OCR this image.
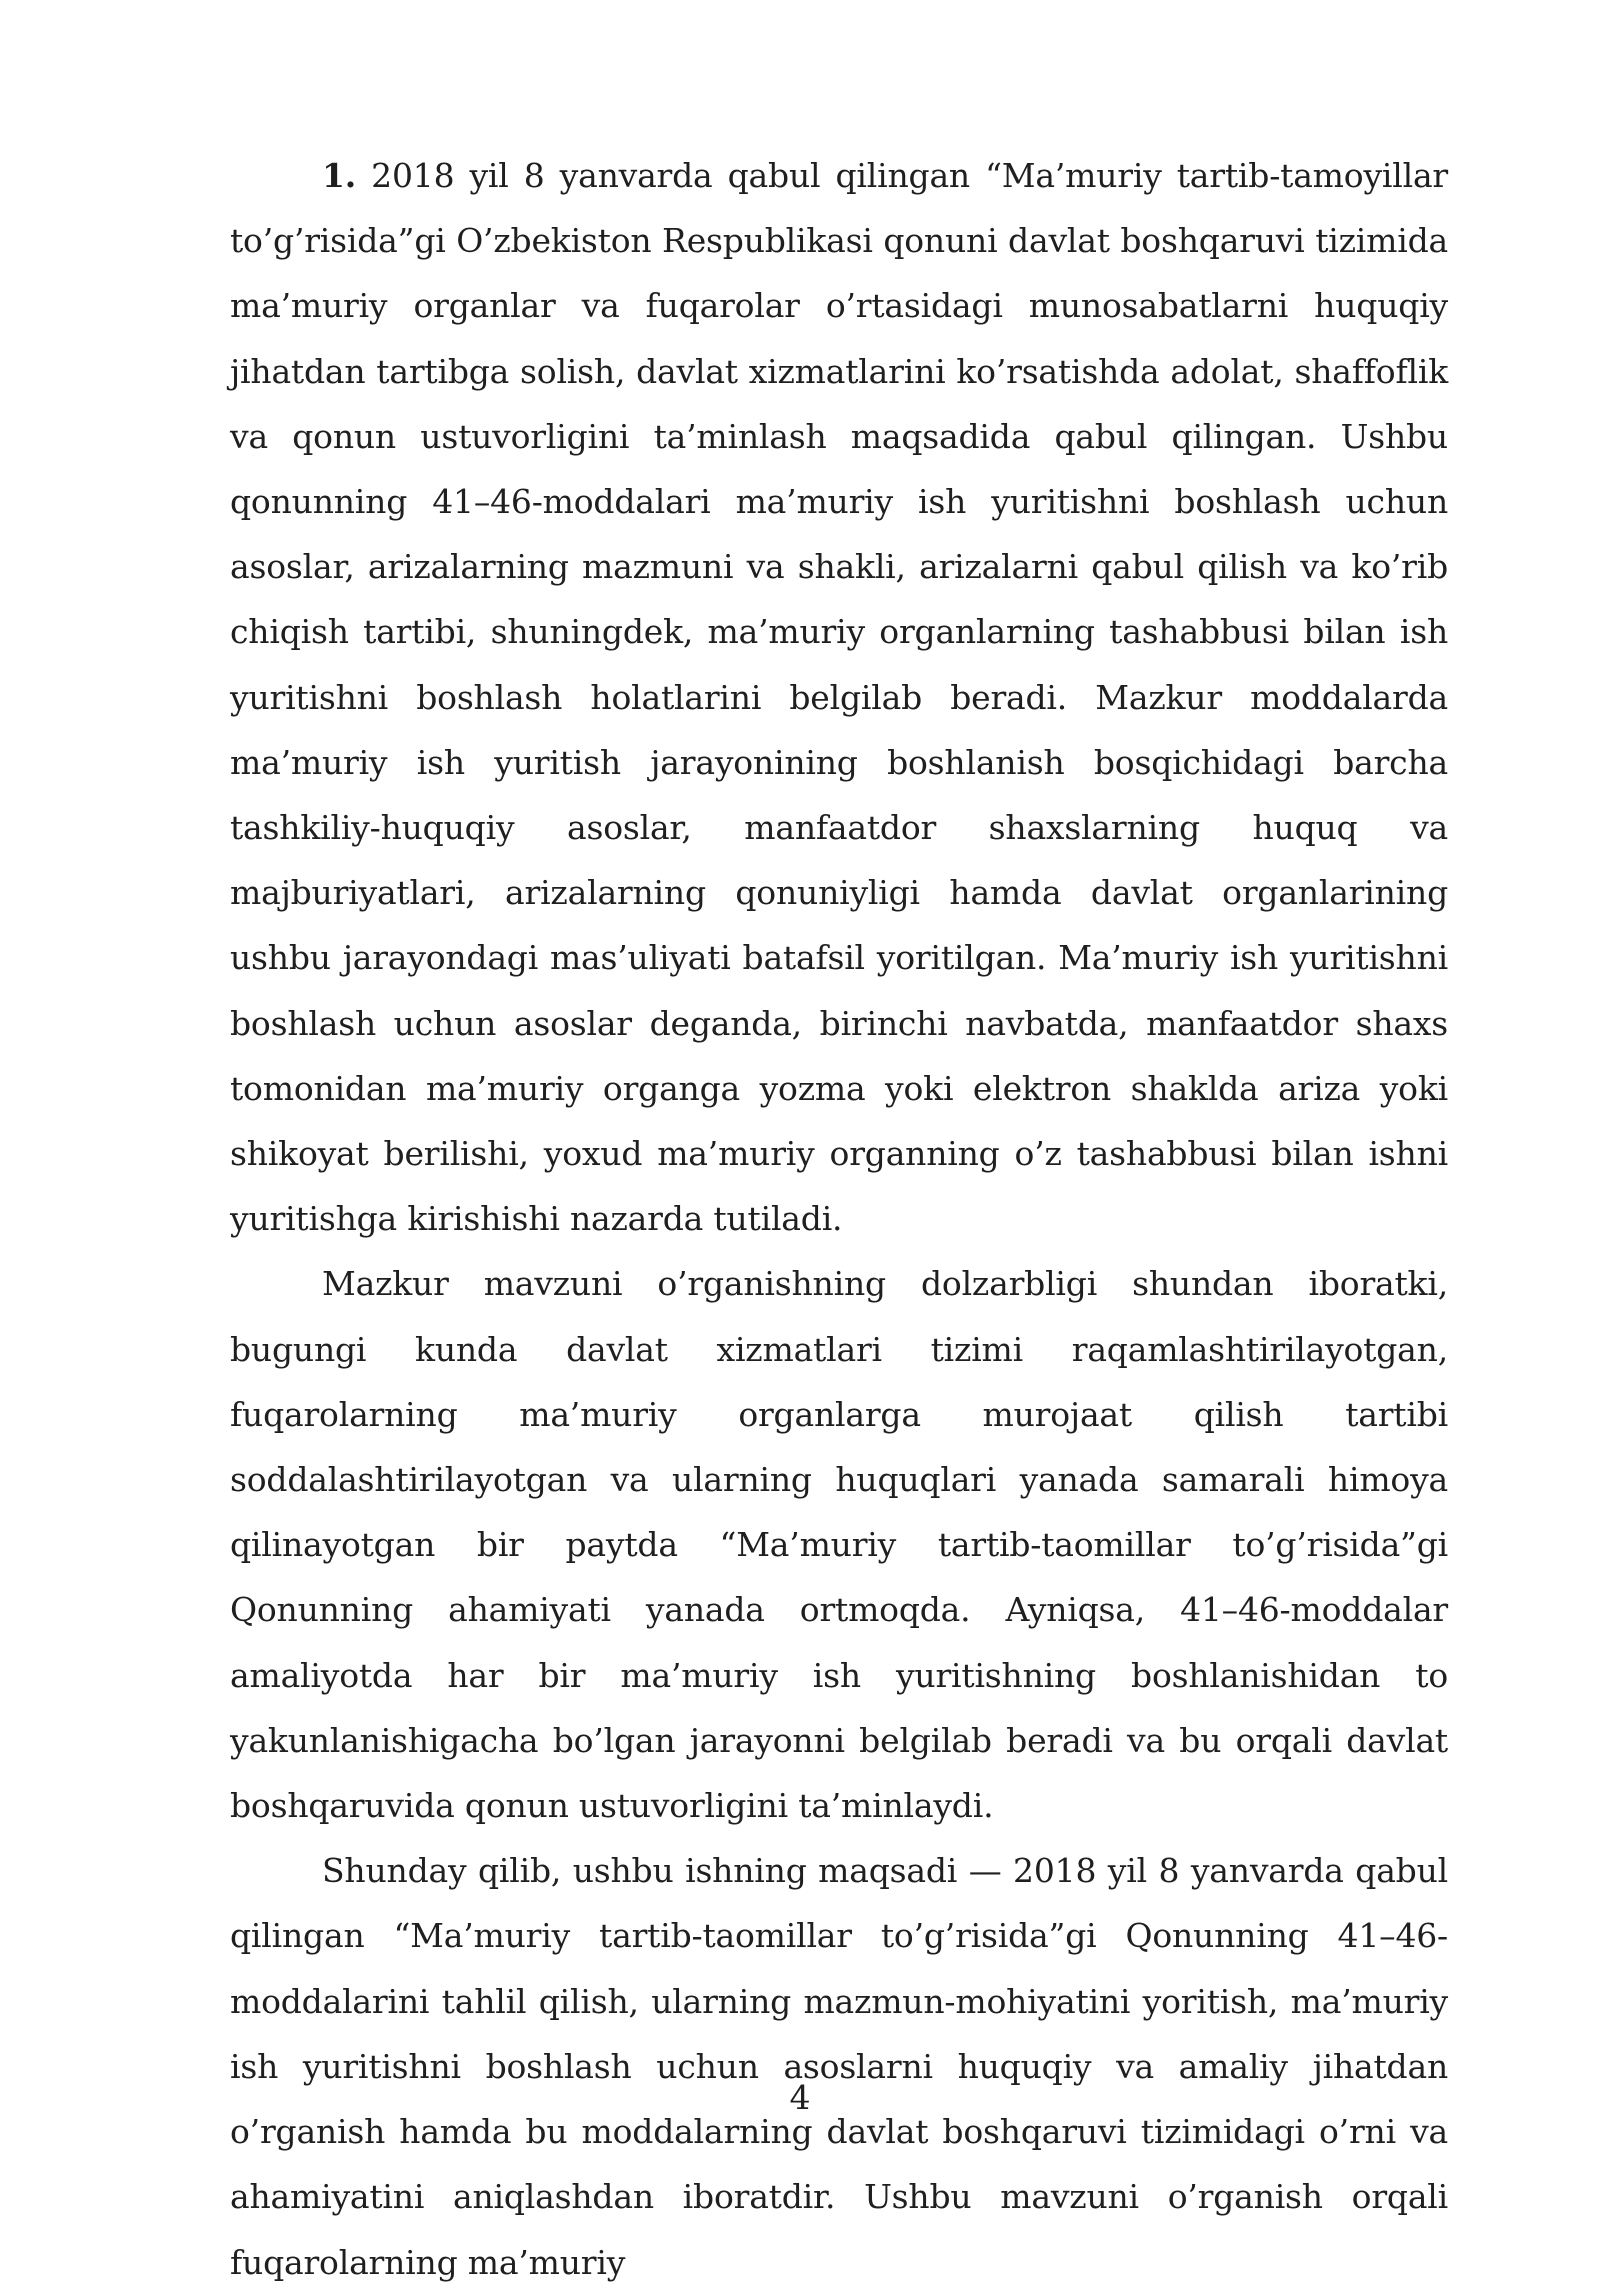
1. 2018 yil 8 yanvarda qabul qilingan “Ma’muriy tartib-tamoyillar to’g’risida”gi O’zbekiston Respublikasi qonuni davlat boshqaruvi tizimida ma’muriy organlar va fuqarolar o’rtasidagi munosabatlarni huquqiy jihatdan tartibga solish, davlat xizmatlarini ko’rsatishda adolat, shaffoflik va qonun ustuvorligini ta’minlash maqsadida qabul qilingan. Ushbu qonunning 41–46-moddalari ma’muriy ish yuritishni boshlash uchun asoslar, arizalarning mazmuni va shakli, arizalarni qabul qilish va ko’rib chiqish tartibi, shuningdek, ma’muriy organlarning tashabbusi bilan ish yuritishni boshlash holatlarini belgilab beradi. Mazkur moddalarda ma’muriy ish yuritish jarayonining boshlanish bosqichidagi barcha tashkiliy-huquqiy asoslar, manfaatdor shaxslarning huquq va majburiyatlari, arizalarning qonuniyligi hamda davlat organlarining ushbu jarayondagi mas’uliyati batafsil yoritilgan. Ma’muriy ish yuritishni boshlash uchun asoslar deganda, birinchi navbatda, manfaatdor shaxs tomonidan ma’muriy organga yozma yoki elektron shaklda ariza yoki shikoyat berilishi, yoxud ma’muriy organning o’z tashabbusi bilan ishni yuritishga kirishishi nazarda tutiladi.

Mazkur mavzuni o’rganishning dolzarbligi shundan iboratki, bugungi kunda davlat xizmatlari tizimi raqamlashtirilayotgan, fuqarolarning ma’muriy organlarga murojaat qilish tartibi soddalashtirilayotgan va ularning huquqlari yanada samarali himoya qilinayotgan bir paytda “Ma’muriy tartib-taomillar to’g’risida”gi Qonunning ahamiyati yanada ortmoqda. Ayniqsa, 41–46-moddalar amaliyotda har bir ma’muriy ish yuritishning boshlanishidan to yakunlanishigacha bo’lgan jarayonni belgilab beradi va bu orqali davlat boshqaruvida qonun ustuvorligini ta’minlaydi.

Shunday qilib, ushbu ishning maqsadi — 2018 yil 8 yanvarda qabul qilingan “Ma’muriy tartib-taomillar to’g’risida”gi Qonunning 41–46-moddalarini tahlil qilish, ularning mazmun-mohiyatini yoritish, ma’muriy ish yuritishni boshlash uchun asoslarni huquqiy va amaliy jihatdan o’rganish hamda bu moddalarning davlat boshqaruvi tizimidagi o’rni va ahamiyatini aniqlashdan iboratdir. Ushbu mavzuni o’rganish orqali fuqarolarning ma’muriy

4
